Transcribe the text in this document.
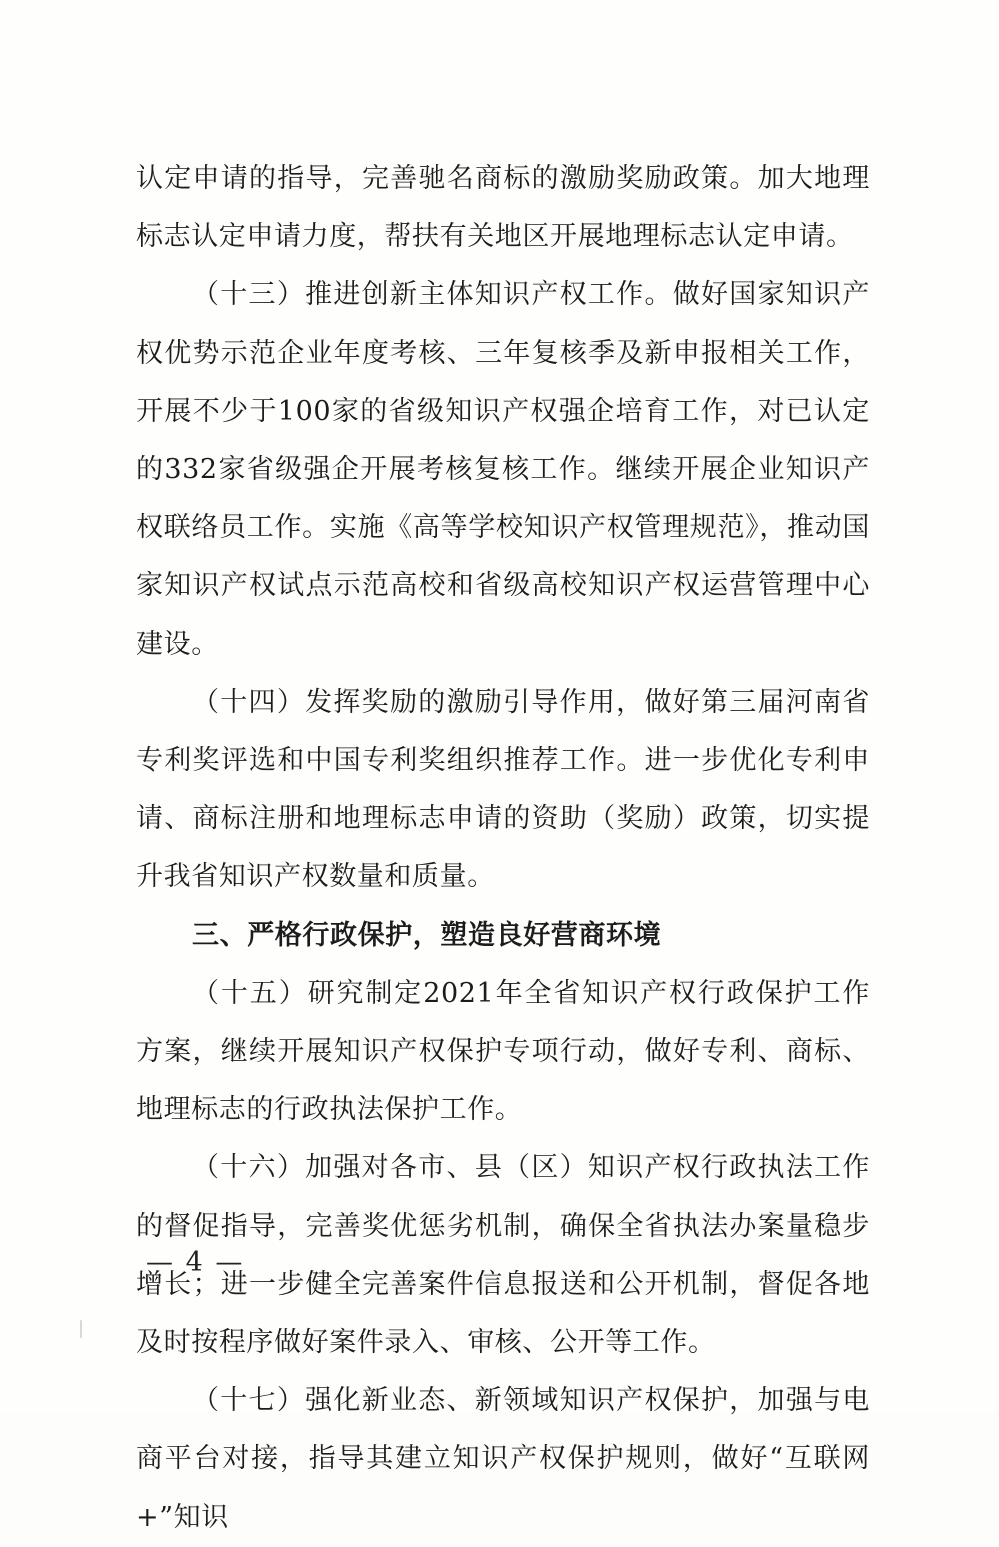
认定申请的指导，完善驰名商标的激励奖励政策。加大地理标志认定申请力度，帮扶有关地区开展地理标志认定申请。

（十三）推进创新主体知识产权工作。做好国家知识产权优势示范企业年度考核、三年复核季及新申报相关工作，开展不少于100家的省级知识产权强企培育工作，对已认定的332家省级强企开展考核复核工作。继续开展企业知识产权联络员工作。实施《高等学校知识产权管理规范》，推动国家知识产权试点示范高校和省级高校知识产权运营管理中心建设。

（十四）发挥奖励的激励引导作用，做好第三届河南省专利奖评选和中国专利奖组织推荐工作。进一步优化专利申请、商标注册和地理标志申请的资助（奖励）政策，切实提升我省知识产权数量和质量。

三、严格行政保护，塑造良好营商环境

（十五）研究制定2021年全省知识产权行政保护工作方案，继续开展知识产权保护专项行动，做好专利、商标、地理标志的行政执法保护工作。

（十六）加强对各市、县（区）知识产权行政执法工作的督促指导，完善奖优惩劣机制，确保全省执法办案量稳步增长；进一步健全完善案件信息报送和公开机制，督促各地及时按程序做好案件录入、审核、公开等工作。

（十七）强化新业态、新领域知识产权保护，加强与电商平台对接，指导其建立知识产权保护规则，做好“互联网+”知识

— 4 —
